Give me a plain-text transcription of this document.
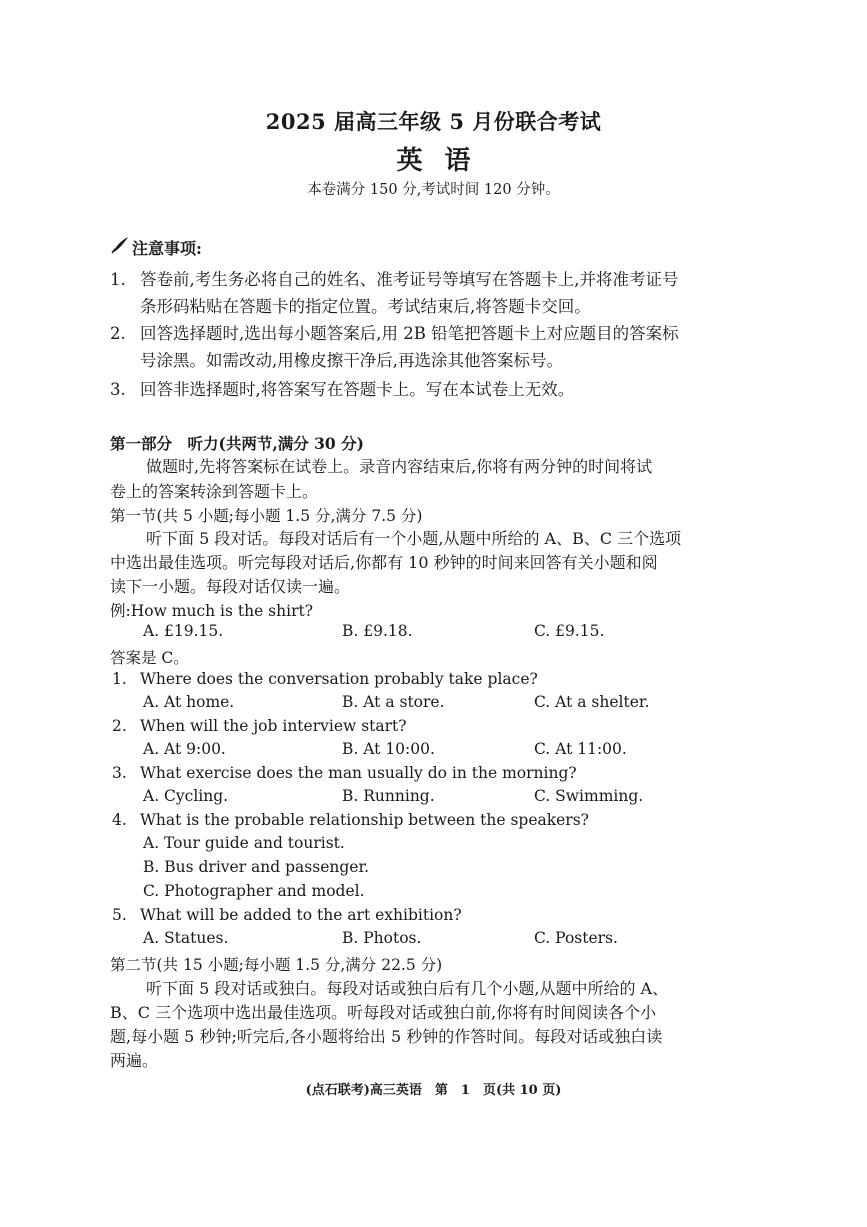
2025 届高三年级 5 月份联合考试
英语
本卷满分 150 分,考试时间 120 分钟。
注意事项:
1. 答卷前,考生务必将自己的姓名、准考证号等填写在答题卡上,并将准考证号
条形码粘贴在答题卡的指定位置。考试结束后,将答题卡交回。
2. 回答选择题时,选出每小题答案后,用 2B 铅笔把答题卡上对应题目的答案标
号涂黑。如需改动,用橡皮擦干净后,再选涂其他答案标号。
3. 回答非选择题时,将答案写在答题卡上。写在本试卷上无效。
第一部分　听力(共两节,满分 30 分)
做题时,先将答案标在试卷上。录音内容结束后,你将有两分钟的时间将试
卷上的答案转涂到答题卡上。
第一节(共 5 小题;每小题 1.5 分,满分 7.5 分)
听下面 5 段对话。每段对话后有一个小题,从题中所给的 A、B、C 三个选项
中选出最佳选项。听完每段对话后,你都有 10 秒钟的时间来回答有关小题和阅
读下一小题。每段对话仅读一遍。
例:How much is the shirt?
A. £19.15.	B. £9.18.	C. £9.15.
答案是 C。
1. Where does the conversation probably take place?
A. At home.	B. At a store.	C. At a shelter.
2. When will the job interview start?
A. At 9:00.	B. At 10:00.	C. At 11:00.
3. What exercise does the man usually do in the morning?
A. Cycling.	B. Running.	C. Swimming.
4. What is the probable relationship between the speakers?
A. Tour guide and tourist.
B. Bus driver and passenger.
C. Photographer and model.
5. What will be added to the art exhibition?
A. Statues.	B. Photos.	C. Posters.
第二节(共 15 小题;每小题 1.5 分,满分 22.5 分)
听下面 5 段对话或独白。每段对话或独白后有几个小题,从题中所给的 A、
B、C 三个选项中选出最佳选项。听每段对话或独白前,你将有时间阅读各个小
题,每小题 5 秒钟;听完后,各小题将给出 5 秒钟的作答时间。每段对话或独白读
两遍。
(点石联考)高三英语　第　1　页(共 10 页)
